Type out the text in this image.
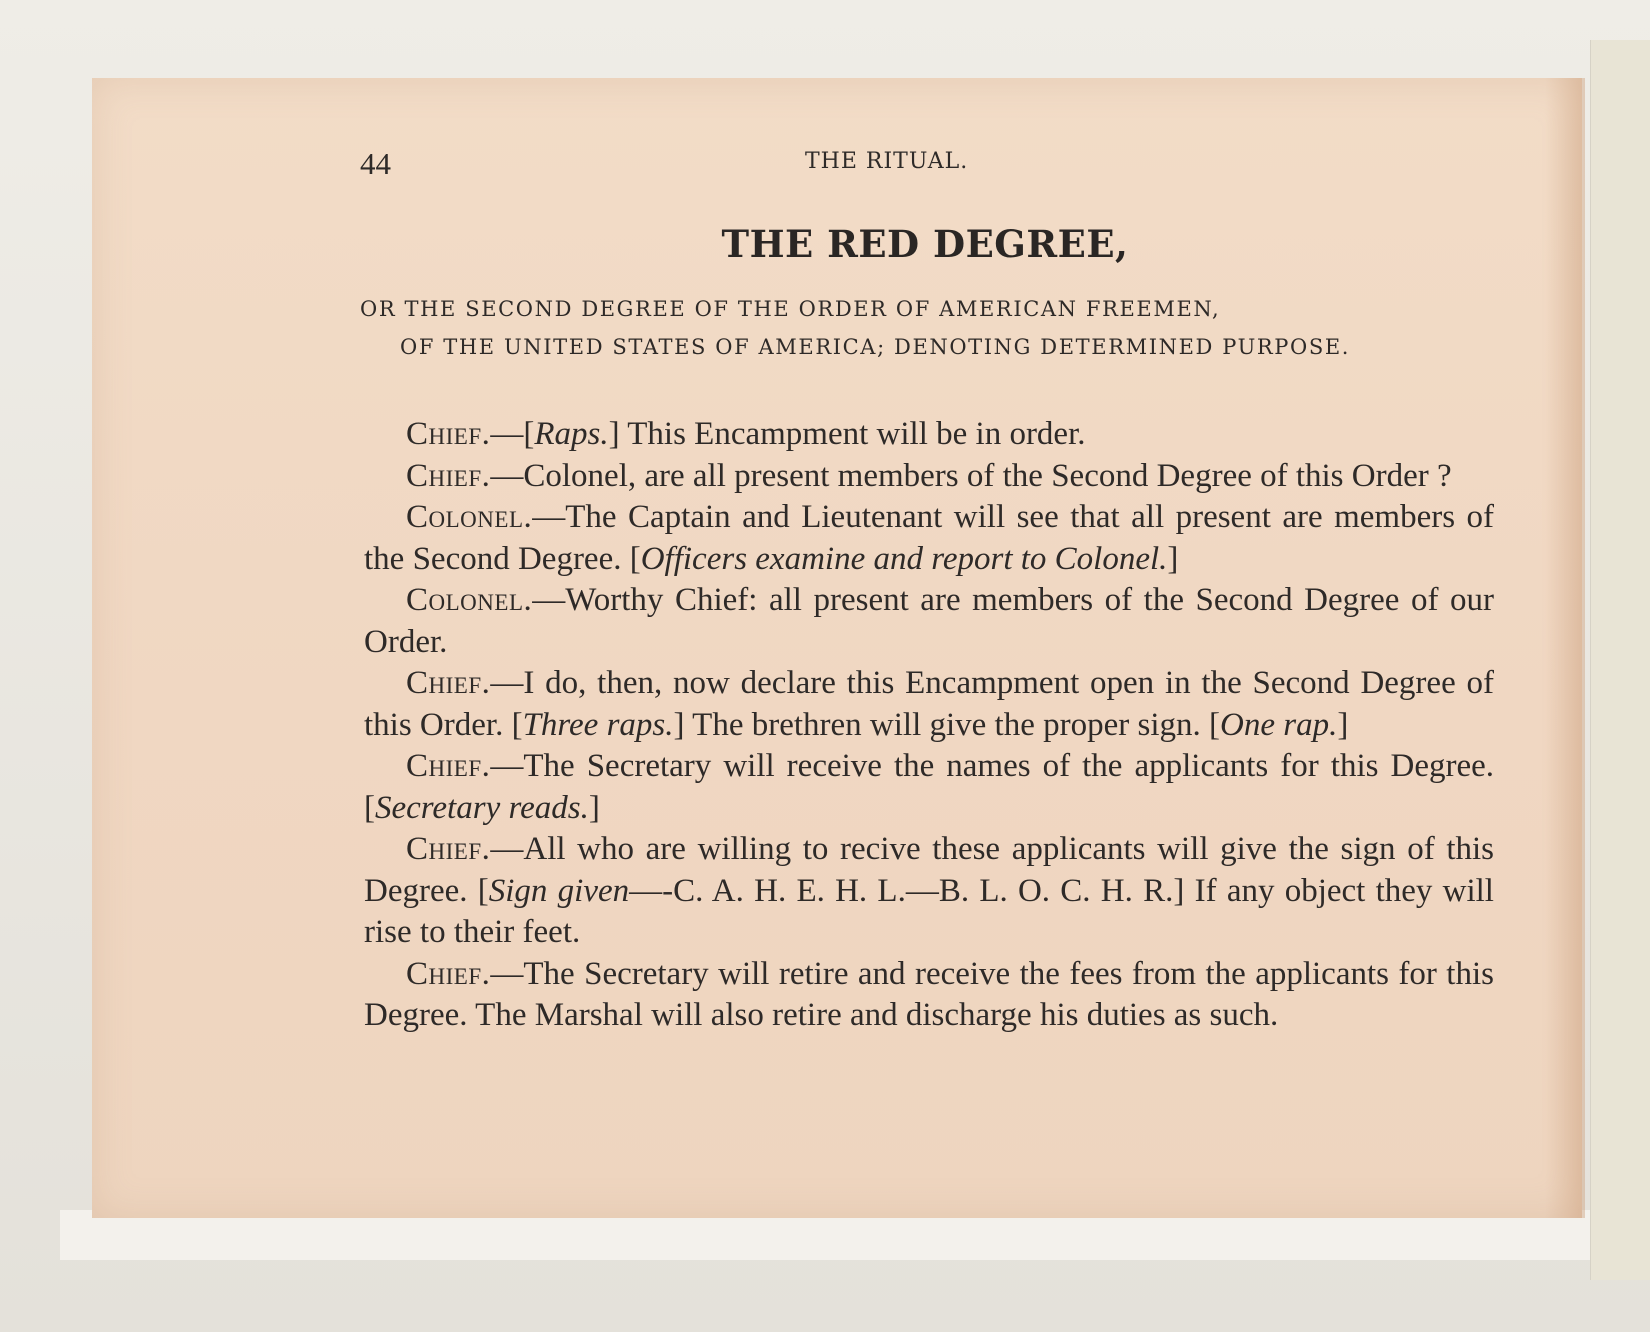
44	THE RITUAL.
THE RED DEGREE,
OR THE SECOND DEGREE OF THE ORDER OF AMERICAN FREEMEN,
OF THE UNITED STATES OF AMERICA; DENOTING DETERMINED PURPOSE.

Chief.—[Raps.] This Encampment will be in order.

Chief.—Colonel, are all present members of the Second Degree of this Order ?

Colonel.—The Captain and Lieutenant will see that all present are members of the Second Degree. [Officers examine and report to Colonel.]

Colonel.—Worthy Chief: all present are members of the Second Degree of our Order.

Chief.—I do, then, now declare this Encampment open in the Second Degree of this Order. [Three raps.] The brethren will give the proper sign. [One rap.]

Chief.—The Secretary will receive the names of the applicants for this Degree. [Secretary reads.]

Chief.—All who are willing to recive these applicants will give the sign of this Degree. [Sign given—-C. A. H. E. H. L.—B. L. O. C. H. R.] If any object they will rise to their feet.

Chief.—The Secretary will retire and receive the fees from the applicants for this Degree. The Marshal will also retire and discharge his duties as such.
